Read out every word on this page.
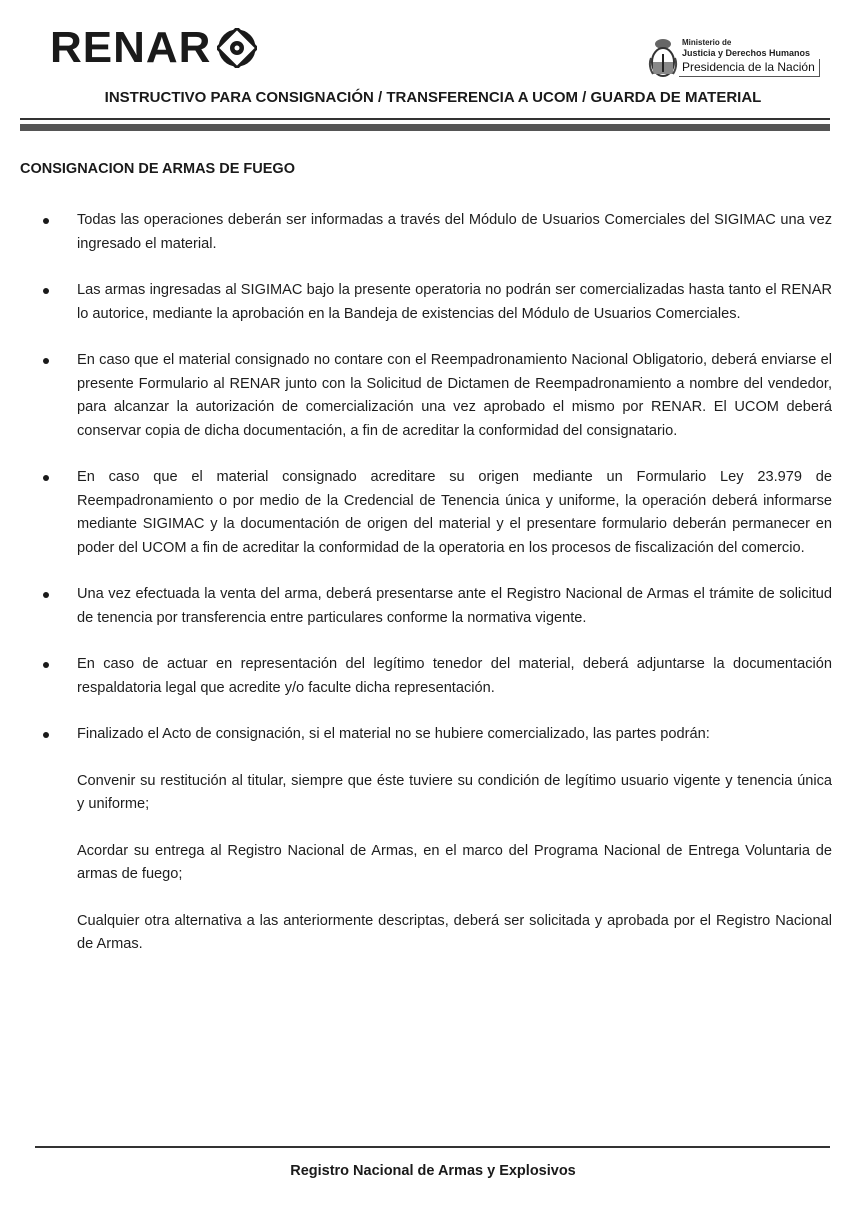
RENAR	Ministerio de
Justicia y Derechos Humanos
Presidencia de la Nación
INSTRUCTIVO PARA CONSIGNACIÓN / TRANSFERENCIA A UCOM / GUARDA DE MATERIAL
CONSIGNACION DE ARMAS DE FUEGO

Todas las operaciones deberán ser informadas a través del Módulo de Usuarios Comerciales del SIGIMAC una vez ingresado el material.

Las armas ingresadas al SIGIMAC bajo la presente operatoria no podrán ser comercializadas hasta tanto el RENAR lo autorice, mediante la aprobación en la Bandeja de existencias del Módulo de Usuarios Comerciales.

En caso que el material consignado no contare con el Reempadronamiento Nacional Obligatorio, deberá enviarse el presente Formulario al RENAR junto con la Solicitud de Dictamen de Reempadronamiento a nombre del vendedor, para alcanzar la autorización de comercialización una vez aprobado el mismo por RENAR. El UCOM deberá conservar copia de dicha documentación, a fin de acreditar la conformidad del consignatario.

En caso que el material consignado acreditare su origen mediante un Formulario Ley 23.979 de Reempadronamiento o por medio de la Credencial de Tenencia única y uniforme, la operación deberá informarse mediante SIGIMAC y la documentación de origen del material y el presentare formulario deberán permanecer en poder del UCOM a fin de acreditar la conformidad de la operatoria en los procesos de fiscalización del comercio.

Una vez efectuada la venta del arma, deberá presentarse ante el Registro Nacional de Armas el trámite de solicitud de tenencia por transferencia entre particulares conforme la normativa vigente.

En caso de actuar en representación del legítimo tenedor del material, deberá adjuntarse la documentación respaldatoria legal que acredite y/o faculte dicha representación.

Finalizado el Acto de consignación, si el material no se hubiere comercializado, las partes podrán:

Convenir su restitución al titular, siempre que éste tuviere su condición de legítimo usuario vigente y tenencia única y uniforme;

Acordar su entrega al Registro Nacional de Armas, en el marco del Programa Nacional de Entrega Voluntaria de armas de fuego;

Cualquier otra alternativa a las anteriormente descriptas, deberá ser solicitada y aprobada por el Registro Nacional de Armas.

Registro Nacional de Armas y Explosivos
